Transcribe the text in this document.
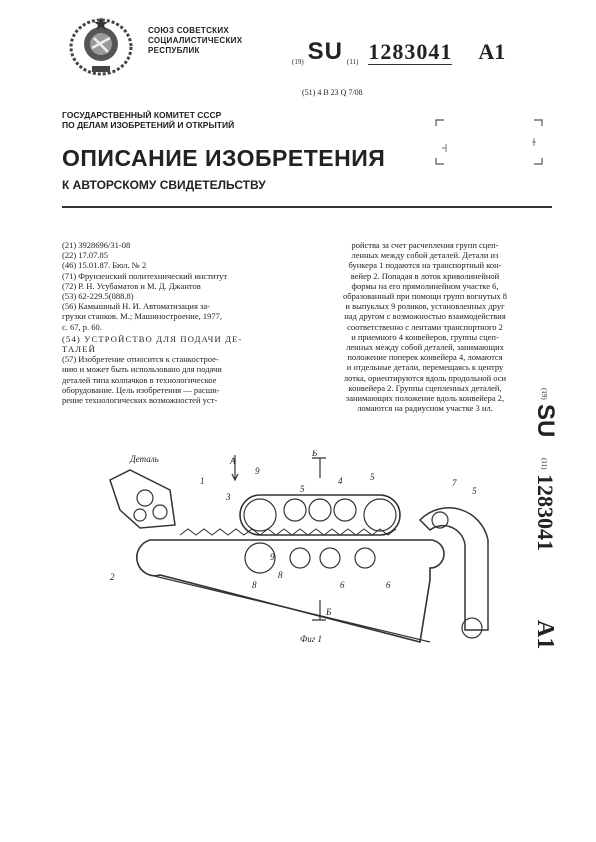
СОЮЗ СОВЕТСКИХ
СОЦИАЛИСТИЧЕСКИХ
РЕСПУБЛИК
(19) SU (11) 1283041 A1
(51) 4 В 23 Q 7/08
ГОСУДАРСТВЕННЫЙ КОМИТЕТ СССР
ПО ДЕЛАМ ИЗОБРЕТЕНИЙ И ОТКРЫТИЙ
ОПИСАНИЕ ИЗОБРЕТЕНИЯ
К АВТОРСКОМУ СВИДЕТЕЛЬСТВУ
(21) 3928696/31-08
(22) 17.07.85
(46) 15.01.87. Бюл. № 2
(71) Фрунзенский политехнический институт
(72) Р. Н. Усубаматов и М. Д. Джантов
(53) 62-229.5(088.8)
(56) Камышный Н. И. Автоматизация за-
грузки станков. М.; Машиностроение, 1977,
с. 67, р. 60.
(54) УСТРОЙСТВО ДЛЯ ПОДАЧИ ДЕ-
ТАЛЕЙ
(57) Изобретение относится к станкострое-
нию и может быть использовано для подачи
деталей типа колпачков в технологическое
оборудование. Цель изобретения — расши-
рение технологических возможностей уст-
ройства за счет расчепления групп сцеп-
ленных между собой деталей. Детали из
бункера 1 подаются на транспортный кон-
вейер 2. Попадая в лоток криволинейной
формы на его прямолинейном участке 6,
образованный при помощи групп вогнутых 8
и выпуклых 9 роликов, установленных друг
над другом с возможностью взаимодействия
соответственно с лентами транспортного 2
и приемного 4 конвейеров, группы сцеп-
ленных между собой деталей, занимающих
положение поперек конвейера 4, ломаются
и отдельные детали, перемещаясь к центру
лотка, ориентируются вдоль продольной оси
конвейера 2. Группы сцепленных деталей,
занимающих положение вдоль конвейера 2,
ломаются на радиусном участке 3 ил.
(19)
SU
(11)
1283041
A1
Деталь
Фиг 1
1
2
3
4
5
6
7
8
9
А
Б
Б
8
6
5
9
5
